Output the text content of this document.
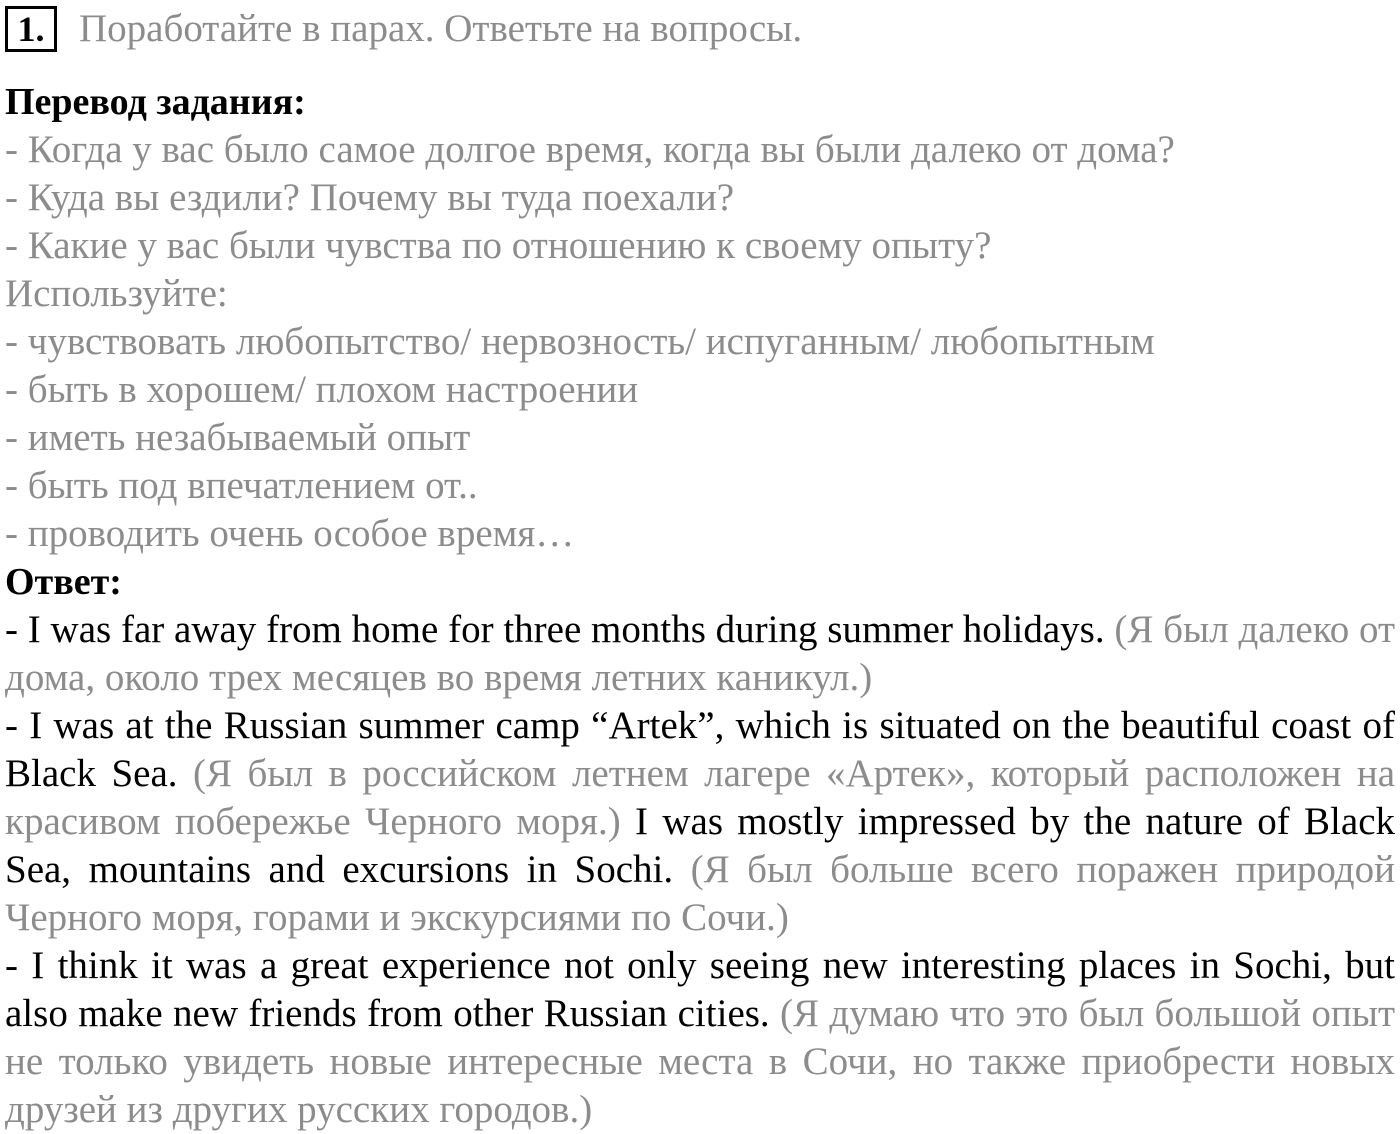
1. Поработайте в парах. Ответьте на вопросы.
Перевод задания:
- Когда у вас было самое долгое время, когда вы были далеко от дома?
- Куда вы ездили? Почему вы туда поехали?
- Какие у вас были чувства по отношению к своему опыту?
Используйте:
- чувствовать любопытство/ нервозность/ испуганным/ любопытным
- быть в хорошем/ плохом настроении
- иметь незабываемый опыт
- быть под впечатлением от..
- проводить очень особое время…
Ответ:

- I was far away from home for three months during summer holidays. (Я был далеко от дома, около трех месяцев во время летних каникул.)

- I was at the Russian summer camp “Artek”, which is situated on the beautiful coast of Black Sea. (Я был в российском летнем лагере «Артек», который расположен на красивом побережье Черного моря.) I was mostly impressed by the nature of Black Sea, mountains and excursions in Sochi. (Я был больше всего поражен природой Черного моря, горами и экскурсиями по Сочи.)

- I think it was a great experience not only seeing new interesting places in Sochi, but also make new friends from other Russian cities. (Я думаю что это был большой опыт не только увидеть новые интересные места в Сочи, но также приобрести новых друзей из других русских городов.)
